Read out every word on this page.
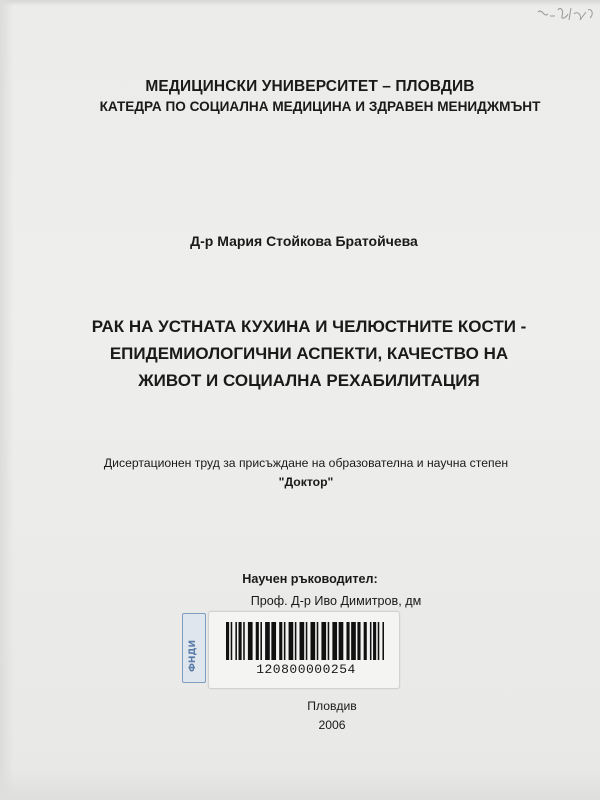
МЕДИЦИНСКИ УНИВЕРСИТЕТ – ПЛОВДИВ

КАТЕДРА ПО СОЦИАЛНА МЕДИЦИНА И ЗДРАВЕН МЕНИДЖМЪНТ

Д-р Мария Стойкова Братойчева

РАК НА УСТНАТА КУХИНА И ЧЕЛЮСТНИТЕ КОСТИ -
ЕПИДЕМИОЛОГИЧНИ АСПЕКТИ, КАЧЕСТВО НА
ЖИВОТ И СОЦИАЛНА РЕХАБИЛИТАЦИЯ
Дисертационен труд за присъждане на образователна и научна степен
"Доктор"

Научен ръководител:

Проф. Д-р Иво Димитров, дм

ФНДИ	120800000254

Пловдив

2006
